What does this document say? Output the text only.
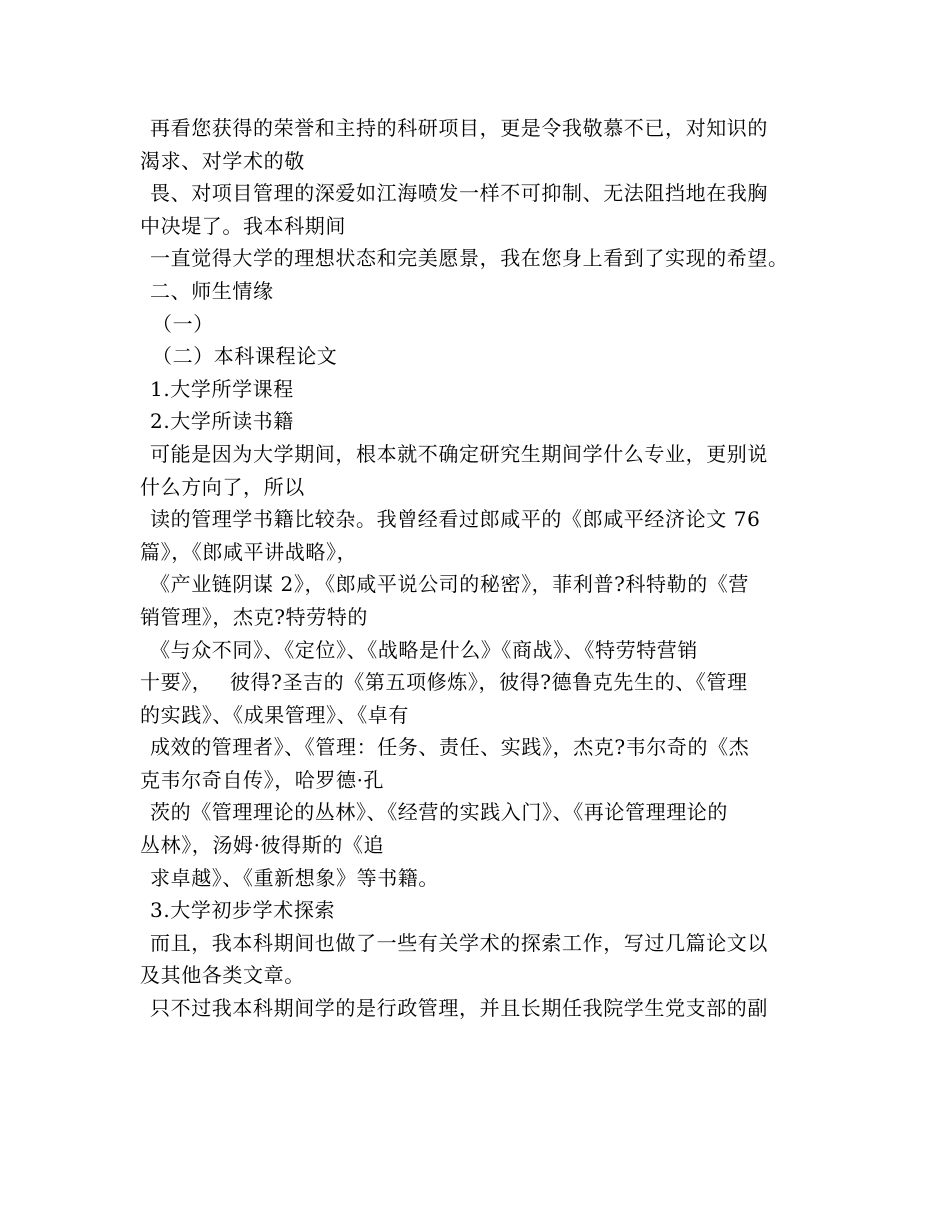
再看您获得的荣誉和主持的科研项目，更是令我敬慕不已，对知识的
渴求、对学术的敬
畏、对项目管理的深爱如江海喷发一样不可抑制、无法阻挡地在我胸
中决堤了。我本科期间
一直觉得大学的理想状态和完美愿景，我在您身上看到了实现的希望。
二、师生情缘
（一）
（二）本科课程论文
1.大学所学课程
2.大学所读书籍
可能是因为大学期间，根本就不确定研究生期间学什么专业，更别说
什么方向了，所以
读的管理学书籍比较杂。我曾经看过郎咸平的《郎咸平经济论文 76
篇》，《郎咸平讲战略》，
《产业链阴谋 2》，《郎咸平说公司的秘密》，菲利普?科特勒的《营
销管理》，杰克?特劳特的
《与众不同》、《定位》、《战略是什么》《商战》、《特劳特营销
十要》，　 彼得?圣吉的《第五项修炼》，彼得?德鲁克先生的、《管理
的实践》、《成果管理》、《卓有
成效的管理者》、《管理：任务、责任、实践》，杰克?韦尔奇的《杰
克韦尔奇自传》，哈罗德·孔
茨的《管理理论的丛林》、《经营的实践入门》、《再论管理理论的
丛林》，汤姆·彼得斯的《追
求卓越》、《重新想象》等书籍。
3.大学初步学术探索
而且，我本科期间也做了一些有关学术的探索工作，写过几篇论文以
及其他各类文章。
只不过我本科期间学的是行政管理，并且长期任我院学生党支部的副
